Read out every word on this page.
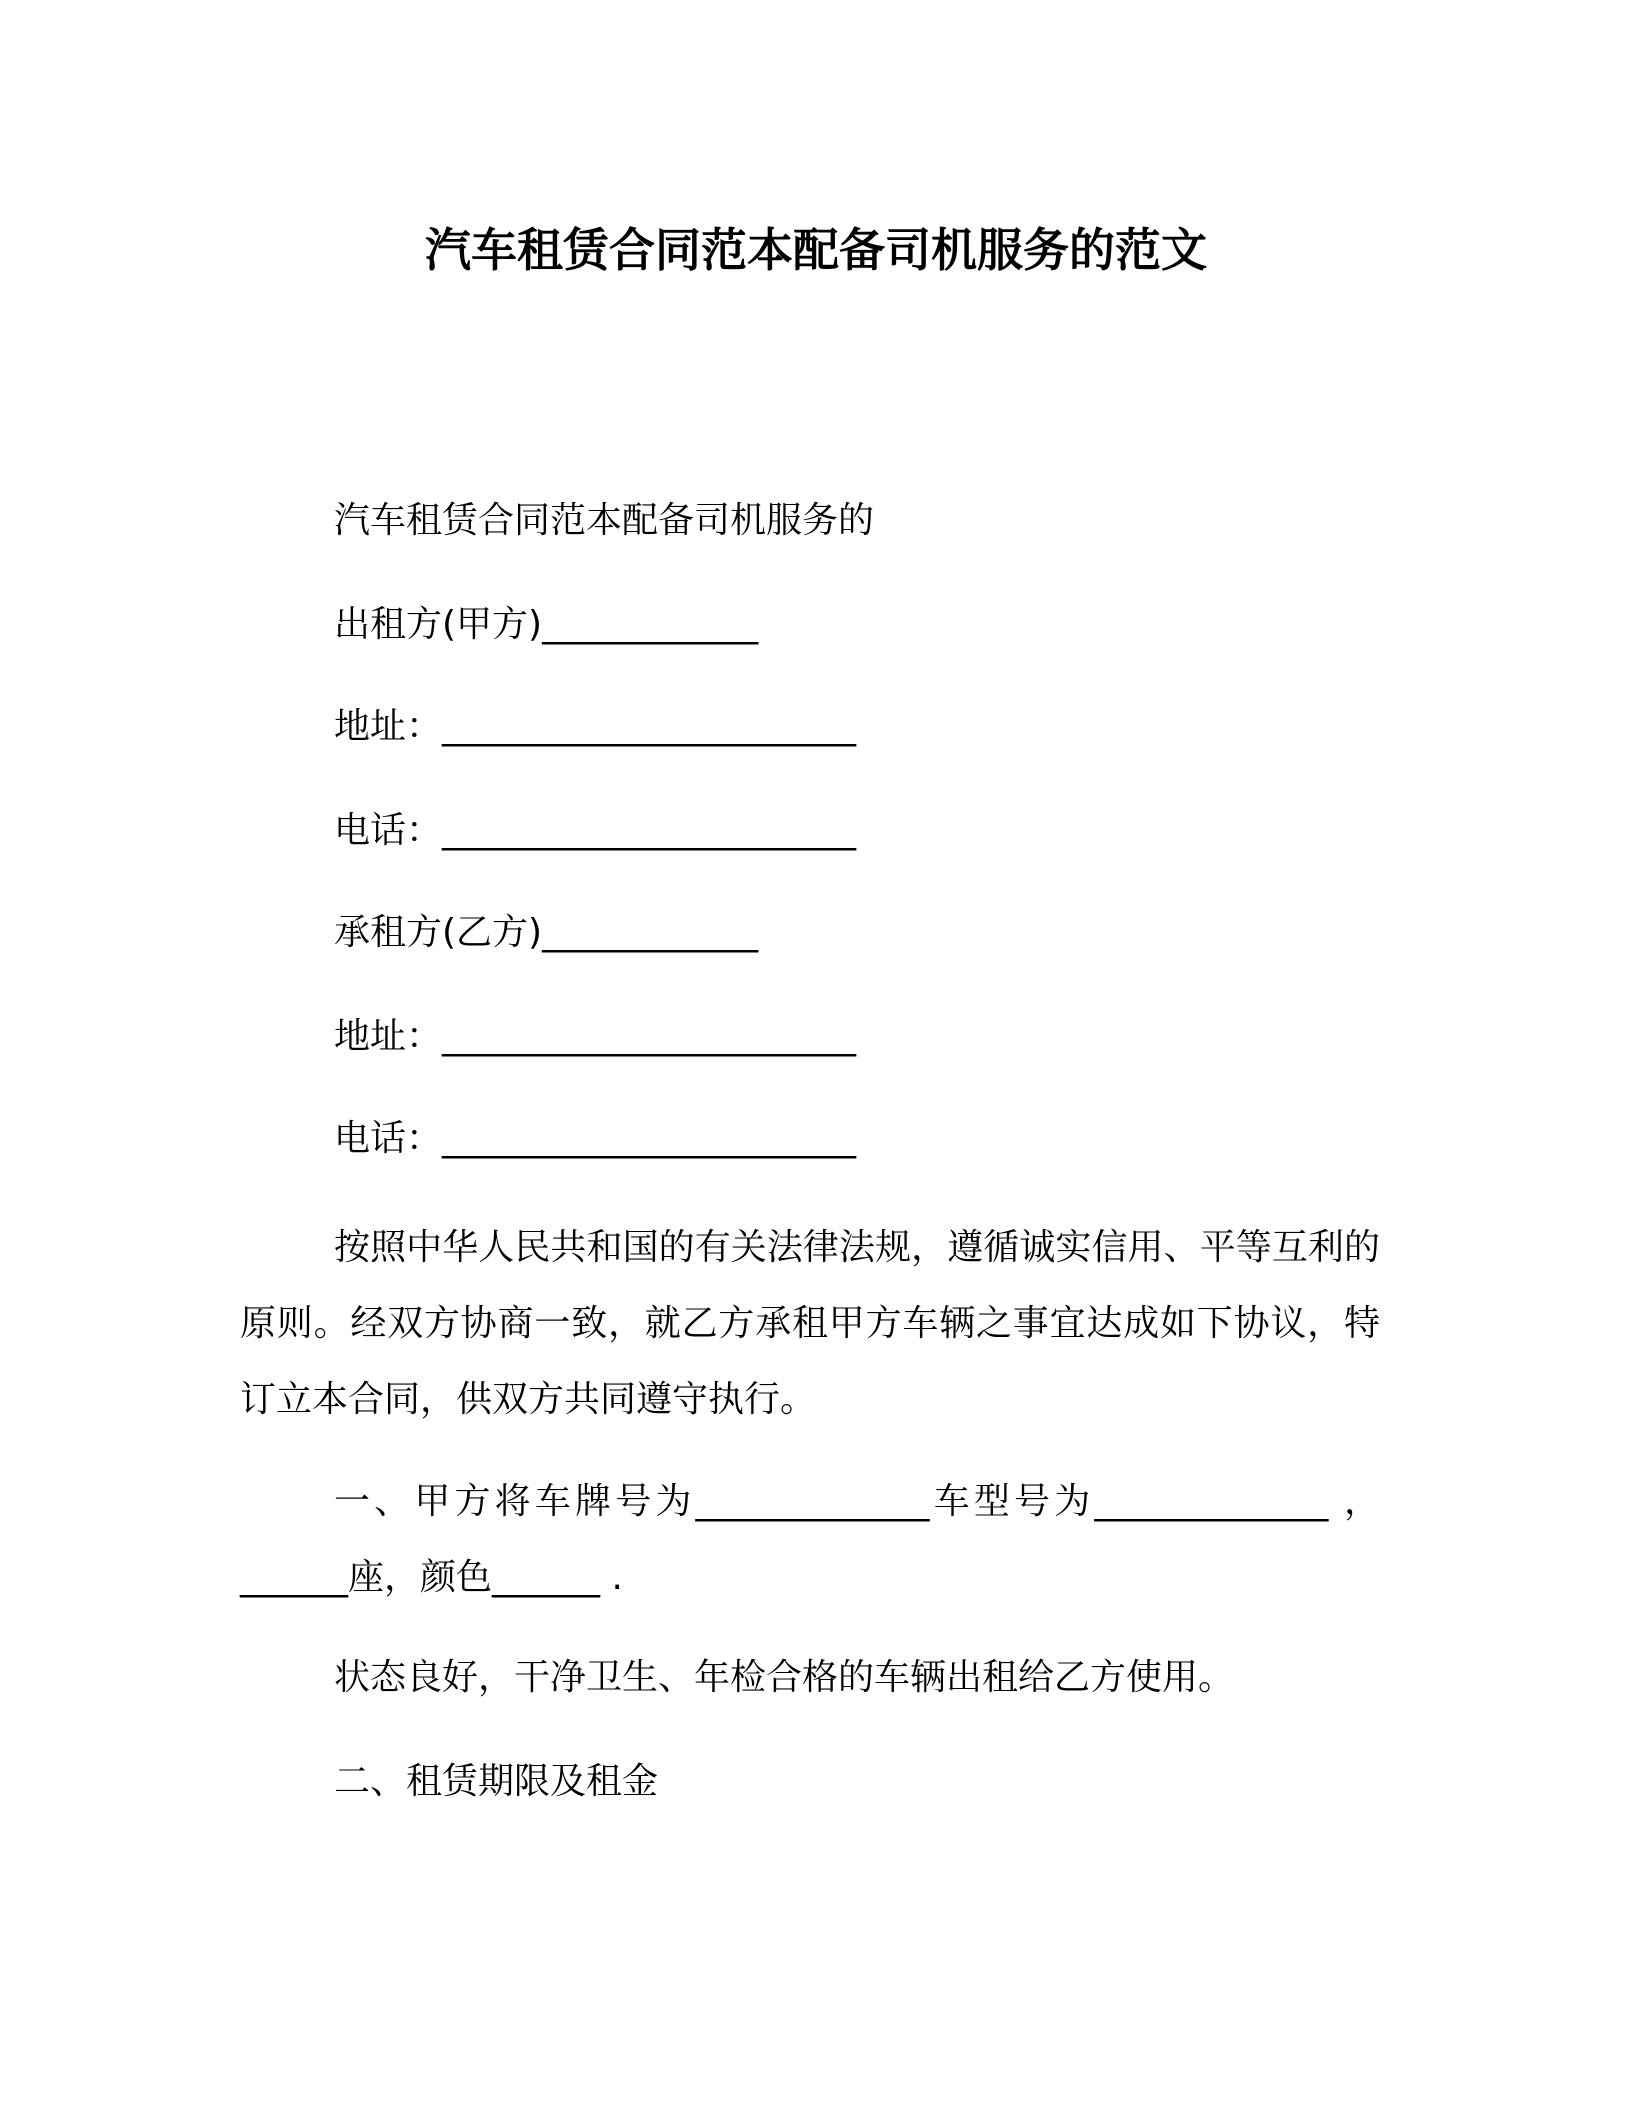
汽车租赁合同范本配备司机服务的范文
汽车租赁合同范本配备司机服务的
出租方(甲方)____________
地址：_______________________
电话：_______________________
承租方(乙方)____________
地址：_______________________
电话：_______________________
按照中华人民共和国的有关法律法规，遵循诚实信用、平等互利的原则。经双方协商一致，就乙方承租甲方车辆之事宜达成如下协议，特订立本合同，供双方共同遵守执行。
一、甲方将车牌号为_____________车型号为_____________ ，______座，颜色______ .
状态良好，干净卫生、年检合格的车辆出租给乙方使用。
二、租赁期限及租金
